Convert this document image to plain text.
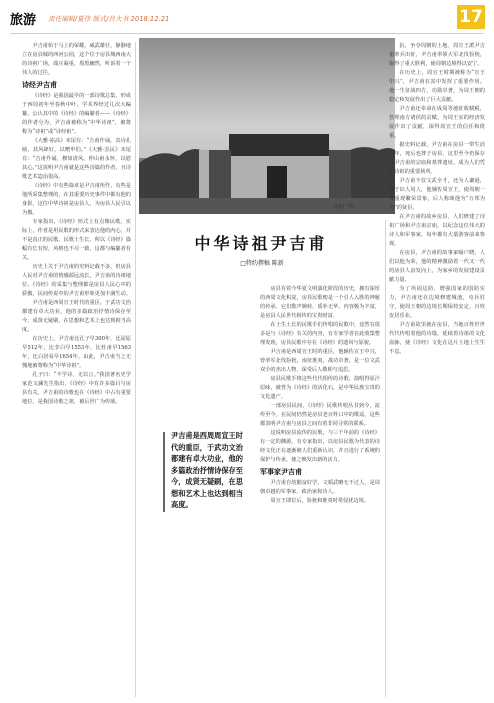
旅游 责任编辑/夏伟 版式/吕大书 2018.12.21	17

尹吉甫始于马上的荣耀，威武雄壮，静静地立在房县城的西河公园，这个位于房县城西南大的诗祖广场，端庄凝重，墨黑幽然，听诉着一个伟人的过往。

诗经尹吉甫

《诗经》是我国最早的一部诗歌总集，形成于西周初年至春秋中叶，学术界经过几次大编纂，公认其中的《诗经》的编纂者——《诗经》的作者分为，尹吉甫被称为“中华诗祖”，被尊称为“诗祖”或“诗经祖”。

《大雅·崧高》末尾有：“吉甫作诵，其诗孔硕，其风肆好，以赠申伯。”《大雅·烝民》末尾有：“吉甫作诵，穆如清风。仲山甫永怀，以慰其心。”这说明尹吉甫就是这些诗篇的作者，且诗歌艺术造诣很高。

《诗经》中有些篇章是尹吉甫所作，有些是他所采集整理的，在其重要历史事件中都有他的身影，这位中华诗祖是房县人，为房县人民引以为傲。

专家指出，《诗经》形式上有点像民歌，实际上，作者是用民歌的形式来表达他的内心，并不是真正的民歌。民歌土生长，所以《诗经》篇幅有长有短，风格也不尽一致，这都与编纂者有关。

历史上关于尹吉甫的史料记载不多，但房县人民对尹吉甫的情感源远流长，尹吉甫的诗祖地位、《诗经》的采集与整理都是房县人民心中的骄傲，民间传说中的尹吉甫形象更加丰满生动。

尹吉甫是西周宣王时代的重臣，于武功文治都建有卓大功业，他的多篇政治抒情诗保存至今，成贤无疑刷，在思想和艺术上也达到相当高度。

在历史上，尹吉甫比孔子早300年，比屈原早512年，比李白早1553年，比杜甫早1563年，比白居易早1654年。由此，尹吉甫当之无愧地被尊称为“中华诗祖”。

孔子曰：“不学诗，无以言。”我国著名史学家范文澜先生指出，《诗经》中有许多篇目与房县有关，尹吉甫的诗歌也在《诗经》中占有重要地位，是我国诗歌之祖，被后世广为传颂。

诗祖广场。
中华诗祖尹吉甫
□特约撰稿 陈新
尹吉甫是西周周宣王时代的重臣，于武功文治都建有卓大功业，他的多篇政治抒情诗保存至今，成贤无疑刷，在思想和艺术上也达到相当高度。

房县有着今华夏文明演化阶段的历史，拥有深厚的西周文化积淀，房县民歌便是一个引人入胜的神秘的传承。它们歌声婉转，质朴无华，内容极为丰富，是房县人民世代相传的宝贵财富。

在土生土长的民歌手们传唱的民歌中，竟然有很多是与《诗经》有关的内容，有专家学者在此收集整理发现，房县民歌中存在《诗经》的遗风与原貌。

尹吉甫是西周宣王时的重臣，他辅佐宣王中兴，曾率军北伐猃狁，南征淮夷，战功卓著，是一位文武双全的杰出人物，深受后人敬仰与追思。

房县民歌手将这些代代相传的诗歌，演唱得原汁原味，被誉为《诗经》的活化石，是中华民族宝贵的文化遗产。

一部房县民间，《诗经》民歌传唱丛书到今，流传至今，在民间仍然是房县老百姓口中的歌谣，这些都表明尹吉甫与房县之间有着非同寻常的联系。

这说明房县流传的民歌，与三千年前的《诗经》有一定的渊源，有专家指出，以房县民歌为代表的诗经文化正在逐渐被人们重新认识，并且进行了系统的保护与传承，使之焕发出新的活力。

军事家尹吉甫

尹吉甫自幼勤奋好学，文韬武略无不过人，是周朝卓越的军事家、政治家和诗人。

周宣王即位后，猃狁和淮夷时常侵扰边境。

抗，争夺周朝的土地。周宣王派尹吉甫率兵出征，尹吉甫率领大军北伐猃狁，取得了重大胜利，使周朝边境得以安宁。

在历史上，周宣王时期被称为“宣王中兴”，尹吉甫在其中发挥了重要作用。他一生征战四方，功勋卓著，为周王朝的稳定和发展作出了巨大贡献。

尹吉甫还奉命在成周等地征收赋税，管理南方诸侯的贡赋，为周王室的经济发展作出了贡献，深得周宣王的信任和倚重。

据史料记载，尹吉甫在房县一带生活多年，死后也葬于房县，这里至今仍保存有尹吉甫的宗庙和墓葬遗址，成为人们凭吊诗祖的重要场所。

尹吉甫不仅文武全才，还为人谦逊，善于识人用人，他辅佐周宣王，使周朝一度重现繁荣景象，后人称颂他为“万邦为宪”的贤臣。

在尹吉甫的故乡房县，人们修建了诗祖广场和尹吉甫宗庙，以纪念这位伟大的诗人和军事家，每年都有大量游客前来参观。

在房县，尹吉甫的故事家喻户晓，人们以他为荣，他的精神激励着一代又一代的房县人奋发向上，为家乡的发展建设贡献力量。

为了巩固边防，增强国家的国防实力，尹吉甫还在边境修建城池，屯兵驻守，使周王朝的边境长期保持安定，百姓安居乐业。

尹吉甫故里就在房县，当地百姓世世代代传唱着他的诗篇，延续着诗祖的文化血脉，使《诗经》文化在这片土地上生生不息。
